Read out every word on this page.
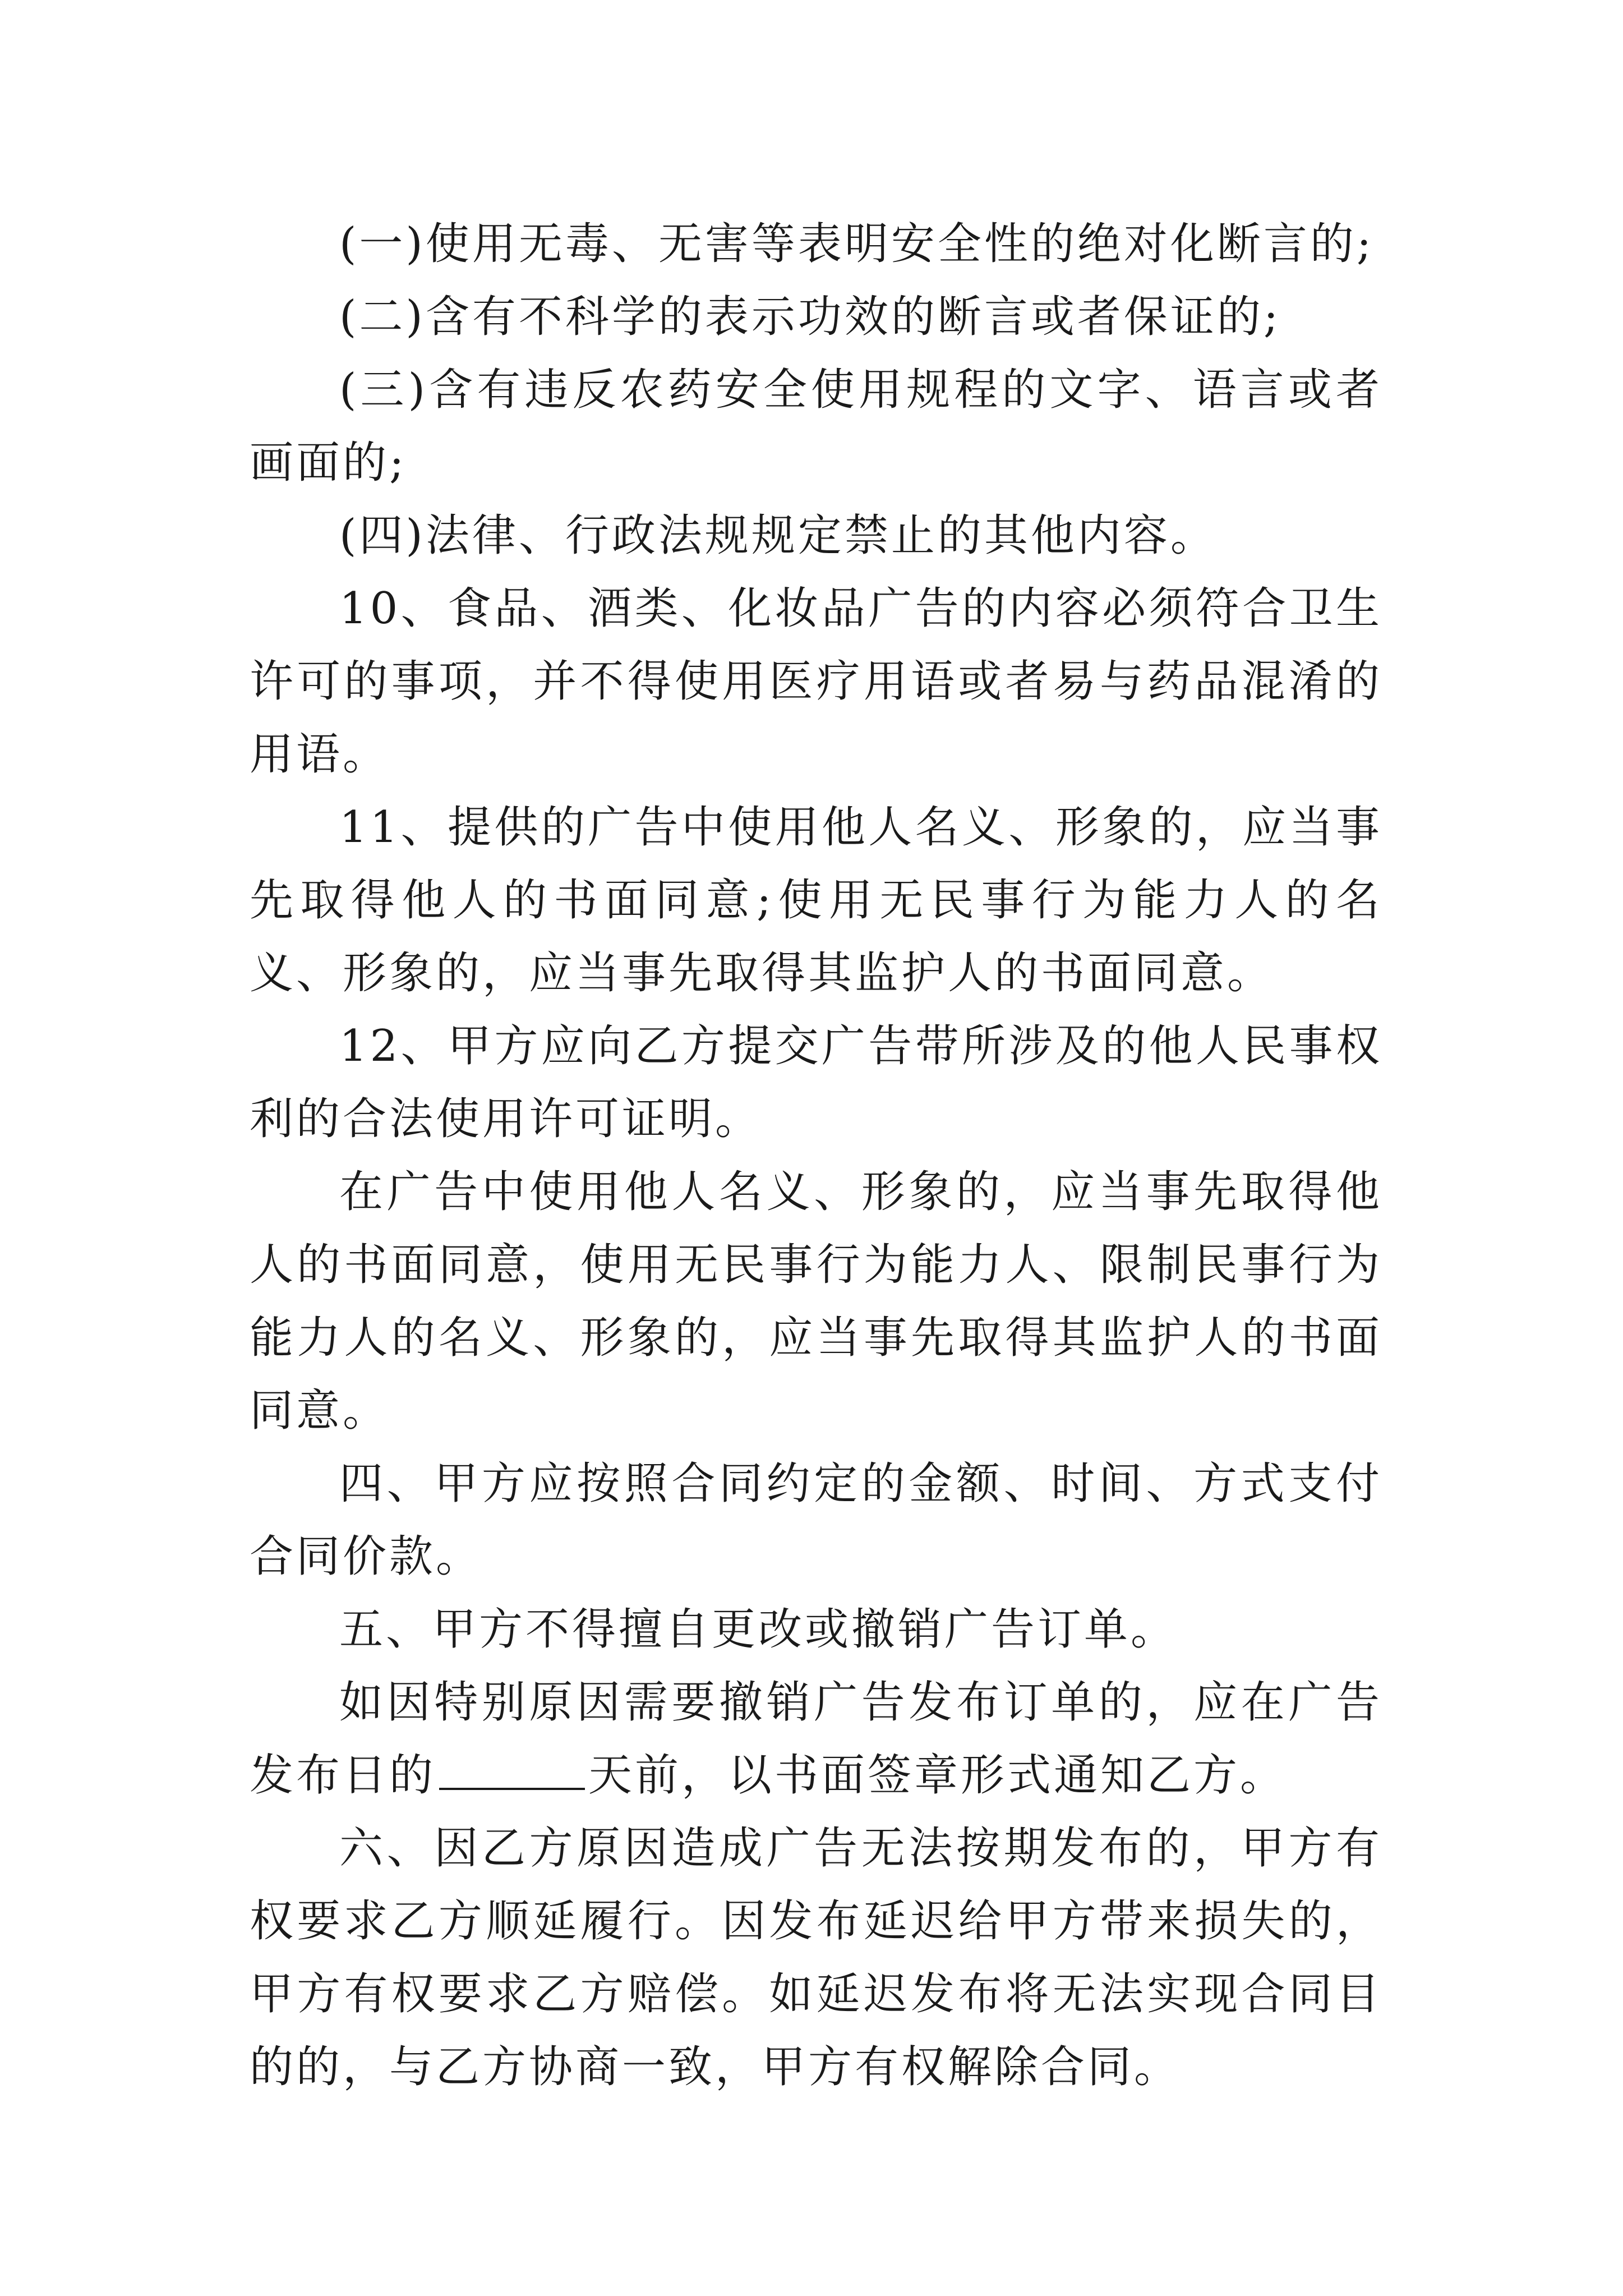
(一)使用无毒、无害等表明安全性的绝对化断言的;

(二)含有不科学的表示功效的断言或者保证的;

(三)含有违反农药安全使用规程的文字、语言或者画面的;

(四)法律、行政法规规定禁止的其他内容。

10、食品、酒类、化妆品广告的内容必须符合卫生许可的事项，并不得使用医疗用语或者易与药品混淆的用语。

11、提供的广告中使用他人名义、形象的，应当事先取得他人的书面同意;使用无民事行为能力人的名义、形象的，应当事先取得其监护人的书面同意。

12、甲方应向乙方提交广告带所涉及的他人民事权利的合法使用许可证明。

在广告中使用他人名义、形象的，应当事先取得他人的书面同意，使用无民事行为能力人、限制民事行为能力人的名义、形象的，应当事先取得其监护人的书面同意。

四、甲方应按照合同约定的金额、时间、方式支付合同价款。

五、甲方不得擅自更改或撤销广告订单。

如因特别原因需要撤销广告发布订单的，应在广告发布日的	天前，以书面签章形式通知乙方。

六、因乙方原因造成广告无法按期发布的，甲方有权要求乙方顺延履行。因发布延迟给甲方带来损失的，甲方有权要求乙方赔偿。如延迟发布将无法实现合同目的的，与乙方协商一致，甲方有权解除合同。
